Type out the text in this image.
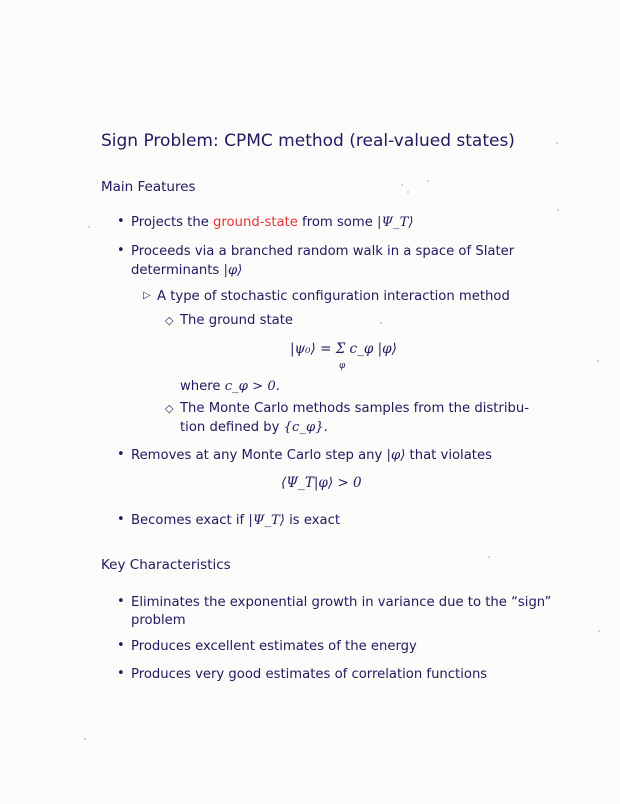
Sign Problem: CPMC method (real-valued states)
Main Features
• Projects the ground-state from some |Ψ_T⟩
• Proceeds via a branched random walk in a space of Slater
determinants |φ⟩
▷ A type of stochastic configuration interaction method
◇ The ground state
|ψ₀⟩ = Σ c_φ |φ⟩
φ
where c_φ > 0.
◇ The Monte Carlo methods samples from the distribu-
tion defined by {c_φ}.
• Removes at any Monte Carlo step any |φ⟩ that violates
⟨Ψ_T|φ⟩ > 0
• Becomes exact if |Ψ_T⟩ is exact
Key Characteristics
• Eliminates the exponential growth in variance due to the “sign”
problem
• Produces excellent estimates of the energy
• Produces very good estimates of correlation functions
